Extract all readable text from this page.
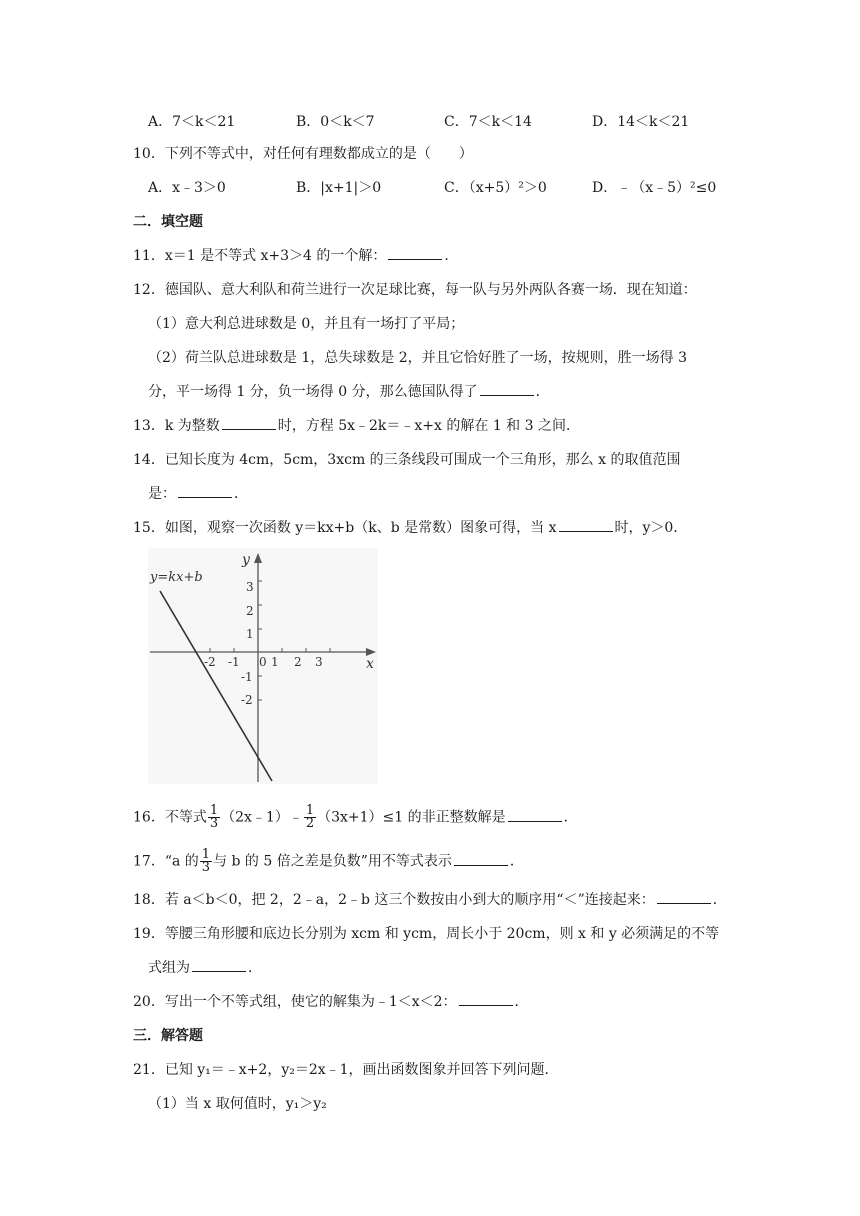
A．7＜k＜21	B．0＜k＜7	C．7＜k＜14	D．14＜k＜21
10．下列不等式中，对任何有理数都成立的是（　　）
A．x﹣3＞0	B．|x+1|＞0	C．（x+5）²＞0	D．﹣（x﹣5）²≤0
二．填空题
11．x＝1 是不等式 x+3＞4 的一个解：	．
12．德国队、意大利队和荷兰进行一次足球比赛，每一队与另外两队各赛一场．现在知道：
（1）意大利总进球数是 0，并且有一场打了平局；
（2）荷兰队总进球数是 1，总失球数是 2，并且它恰好胜了一场，按规则，胜一场得 3
分，平一场得 1 分，负一场得 0 分，那么德国队得了	．
13．k 为整数	时，方程 5x﹣2k＝﹣x+x 的解在 1 和 3 之间．
14．已知长度为 4cm，5cm，3xcm 的三条线段可围成一个三角形，那么 x 的取值范围
是：	．
15．如图，观察一次函数 y＝kx+b（k、b 是常数）图象可得，当 x	时，y＞0．
-2 -1 0 1 2 3
3
2
1
-1
-2
y
x
y=kx+b
16．不等式 $\frac{1}{3}$ （2x﹣1）﹣ $\frac{1}{2} (3x+1)\le 1$ 的非正整数解是	．
17．“a 的 $\frac{1}{3}$ 与 b 的 5 倍之差是负数”用不等式表示	．
18．若 a＜b＜0，把 2，2﹣a，2﹣b 这三个数按由小到大的顺序用“＜”连接起来：	．
19．等腰三角形腰和底边长分别为 xcm 和 ycm，周长小于 20cm，则 x 和 y 必须满足的不等
式组为	．
20．写出一个不等式组，使它的解集为﹣1＜x＜2：	．
三．解答题
21．已知 y₁＝﹣x+2，y₂＝2x﹣1，画出函数图象并回答下列问题．
（1）当 x 取何值时，y₁＞y₂
